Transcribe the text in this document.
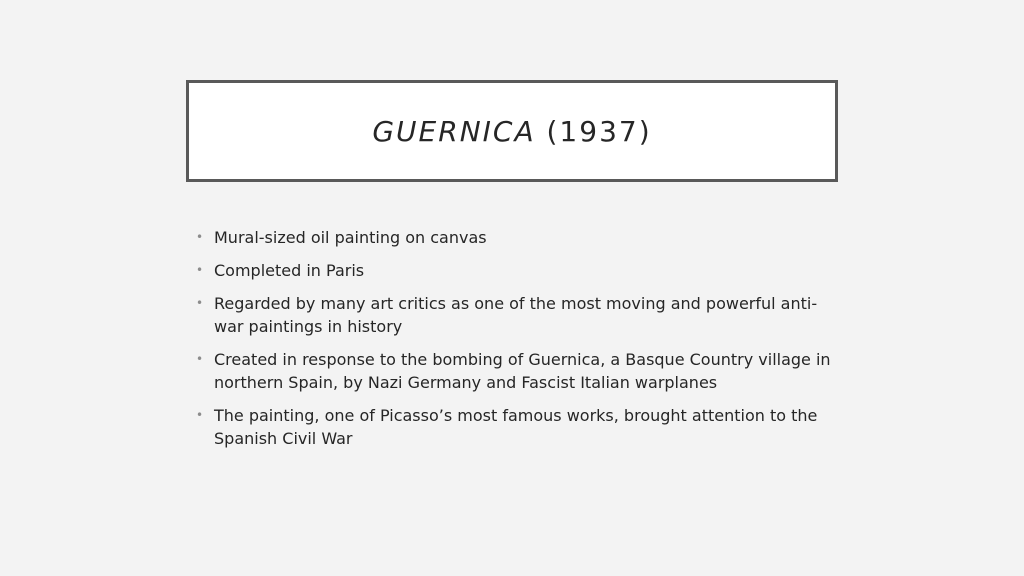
GUERNICA (1937)
• Mural-sized oil painting on canvas
• Completed in Paris
• Regarded by many art critics as one of the most moving and powerful anti-war paintings in history
• Created in response to the bombing of Guernica, a Basque Country village in northern Spain, by Nazi Germany and Fascist Italian warplanes
• The painting, one of Picasso’s most famous works, brought attention to the Spanish Civil War
